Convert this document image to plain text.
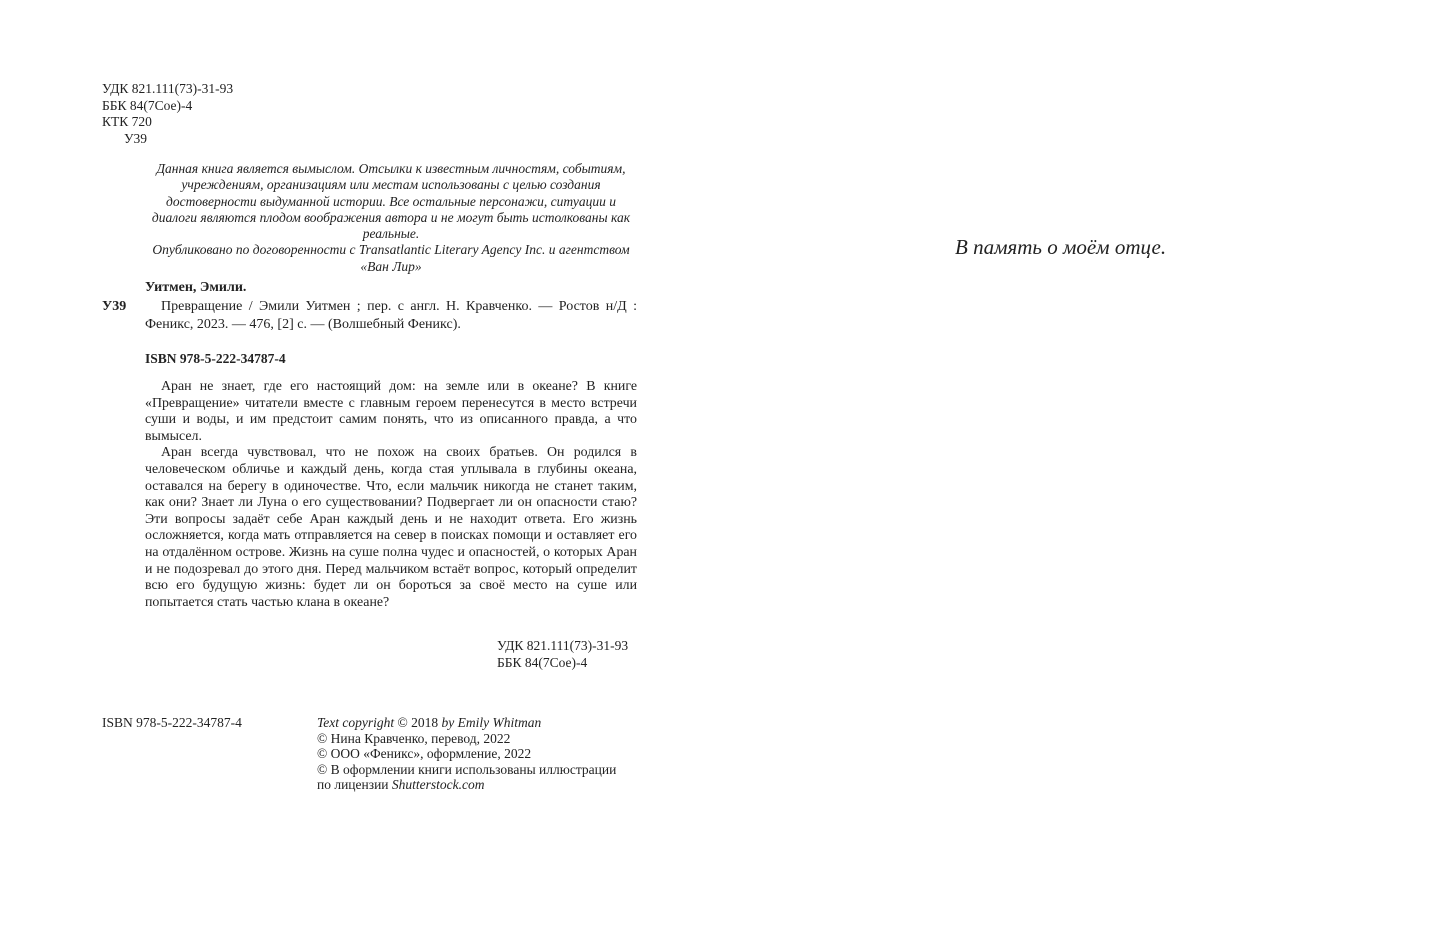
УДК 821.111(73)-31-93
ББК 84(7Сое)-4
КТК 720
У39

Данная книга является вымыслом. Отсылки к известным личностям, событиям, учреждениям, организациям или местам использованы с целью создания достоверности выдуманной истории. Все остальные персонажи, ситуации и диалоги являются плодом воображения автора и не могут быть истолкованы как реальные.

Опубликовано по договоренности с Transatlantic Literary Agency Inc. и агентством «Ван Лир»

Уитмен, Эмили.
У39	Превращение / Эмили Уитмен ; пер. с англ. Н. Кравченко. — Ростов н/Д : Феникс, 2023. — 476, [2] с. — (Волшебный Феникс).
ISBN 978-5-222-34787-4

Аран не знает, где его настоящий дом: на земле или в океане? В книге «Превращение» читатели вместе с главным героем перенесутся в место встречи суши и воды, и им предстоит самим понять, что из описанного правда, а что вымысел.

Аран всегда чувствовал, что не похож на своих братьев. Он родился в человеческом обличье и каждый день, когда стая уплывала в глубины океана, оставался на берегу в одиночестве. Что, если мальчик никогда не станет таким, как они? Знает ли Луна о его существовании? Подвергает ли он опасности стаю? Эти вопросы задаёт себе Аран каждый день и не находит ответа. Его жизнь осложняется, когда мать отправляется на север в поисках помощи и оставляет его на отдалённом острове. Жизнь на суше полна чудес и опасностей, о которых Аран и не подозревал до этого дня. Перед мальчиком встаёт вопрос, который определит всю его будущую жизнь: будет ли он бороться за своё место на суше или попытается стать частью клана в океане?

УДК 821.111(73)-31-93
ББК 84(7Сое)-4
ISBN 978-5-222-34787-4	Text copyright © 2018 by Emily Whitman
© Нина Кравченко, перевод, 2022
© ООО «Феникс», оформление, 2022
© В оформлении книги использованы иллюстрации
по лицензии Shutterstock.com
В память о моём отце.
